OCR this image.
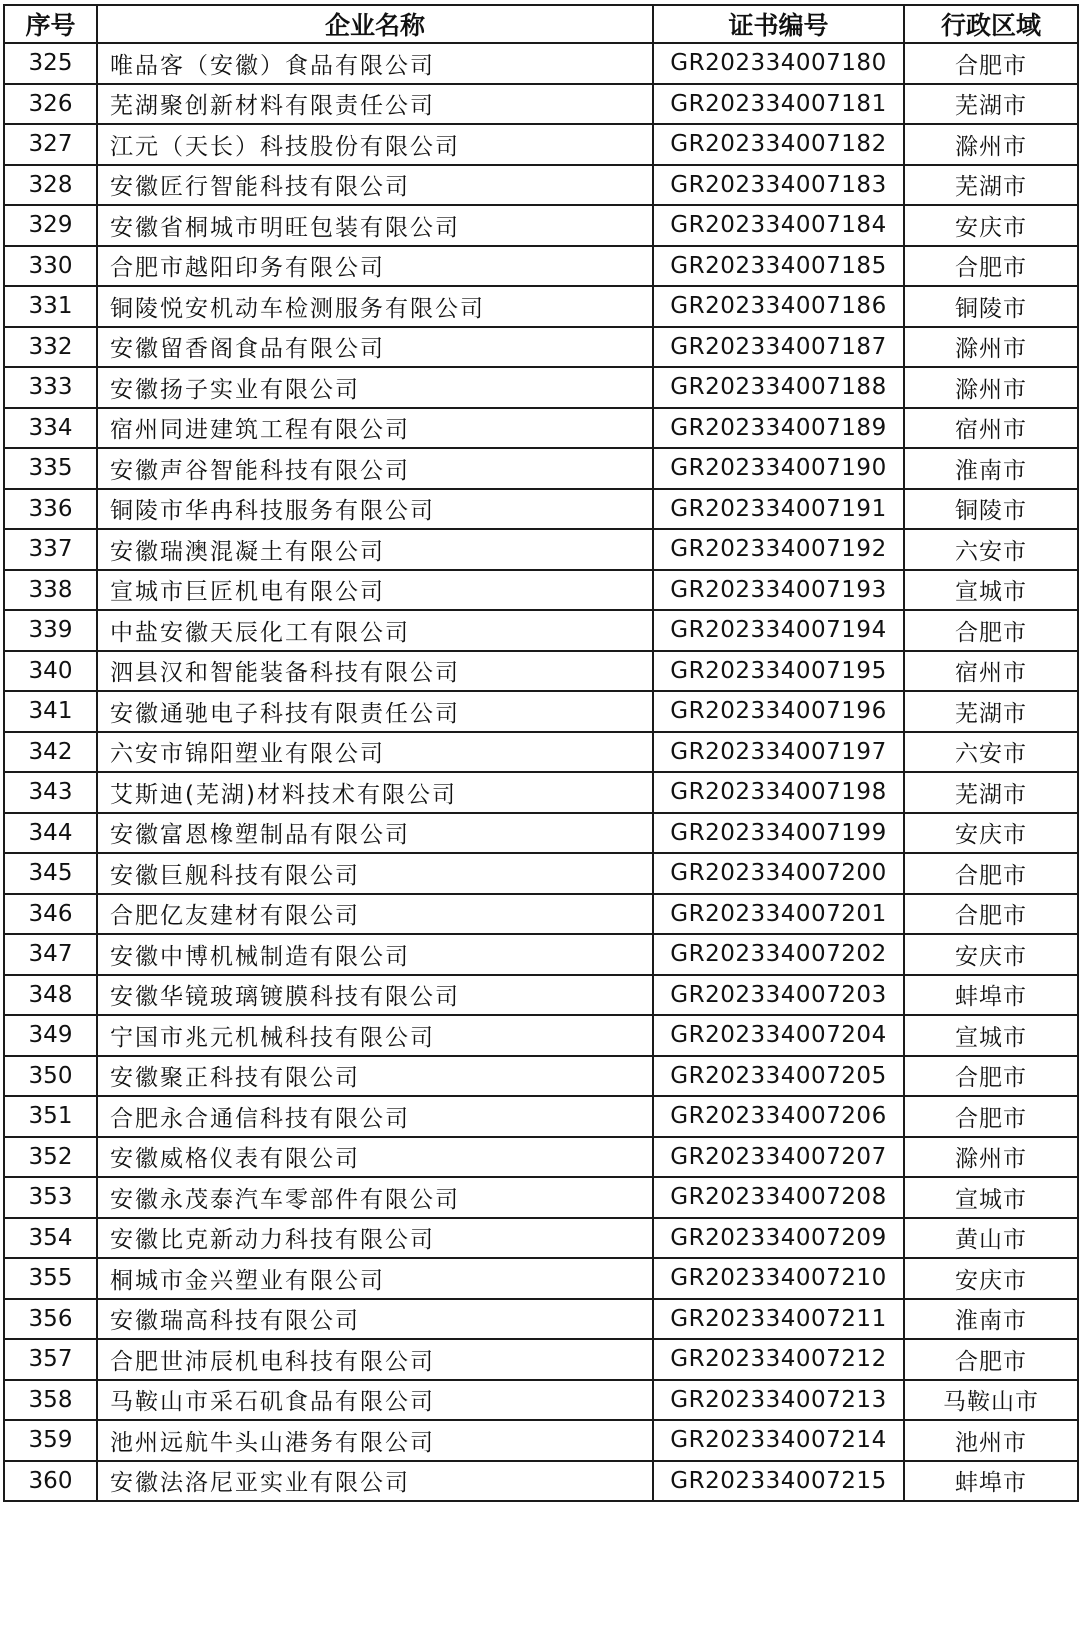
序号	企业名称	证书编号	行政区域
325	唯品客（安徽）食品有限公司	GR202334007180	合肥市
326	芜湖聚创新材料有限责任公司	GR202334007181	芜湖市
327	江元（天长）科技股份有限公司	GR202334007182	滁州市
328	安徽匠行智能科技有限公司	GR202334007183	芜湖市
329	安徽省桐城市明旺包装有限公司	GR202334007184	安庆市
330	合肥市越阳印务有限公司	GR202334007185	合肥市
331	铜陵悦安机动车检测服务有限公司	GR202334007186	铜陵市
332	安徽留香阁食品有限公司	GR202334007187	滁州市
333	安徽扬子实业有限公司	GR202334007188	滁州市
334	宿州同进建筑工程有限公司	GR202334007189	宿州市
335	安徽声谷智能科技有限公司	GR202334007190	淮南市
336	铜陵市华冉科技服务有限公司	GR202334007191	铜陵市
337	安徽瑞澳混凝土有限公司	GR202334007192	六安市
338	宣城市巨匠机电有限公司	GR202334007193	宣城市
339	中盐安徽天辰化工有限公司	GR202334007194	合肥市
340	泗县汉和智能装备科技有限公司	GR202334007195	宿州市
341	安徽通驰电子科技有限责任公司	GR202334007196	芜湖市
342	六安市锦阳塑业有限公司	GR202334007197	六安市
343	艾斯迪(芜湖)材料技术有限公司	GR202334007198	芜湖市
344	安徽富恩橡塑制品有限公司	GR202334007199	安庆市
345	安徽巨舰科技有限公司	GR202334007200	合肥市
346	合肥亿友建材有限公司	GR202334007201	合肥市
347	安徽中博机械制造有限公司	GR202334007202	安庆市
348	安徽华镜玻璃镀膜科技有限公司	GR202334007203	蚌埠市
349	宁国市兆元机械科技有限公司	GR202334007204	宣城市
350	安徽聚正科技有限公司	GR202334007205	合肥市
351	合肥永合通信科技有限公司	GR202334007206	合肥市
352	安徽威格仪表有限公司	GR202334007207	滁州市
353	安徽永茂泰汽车零部件有限公司	GR202334007208	宣城市
354	安徽比克新动力科技有限公司	GR202334007209	黄山市
355	桐城市金兴塑业有限公司	GR202334007210	安庆市
356	安徽瑞高科技有限公司	GR202334007211	淮南市
357	合肥世沛辰机电科技有限公司	GR202334007212	合肥市
358	马鞍山市采石矶食品有限公司	GR202334007213	马鞍山市
359	池州远航牛头山港务有限公司	GR202334007214	池州市
360	安徽法洛尼亚实业有限公司	GR202334007215	蚌埠市
